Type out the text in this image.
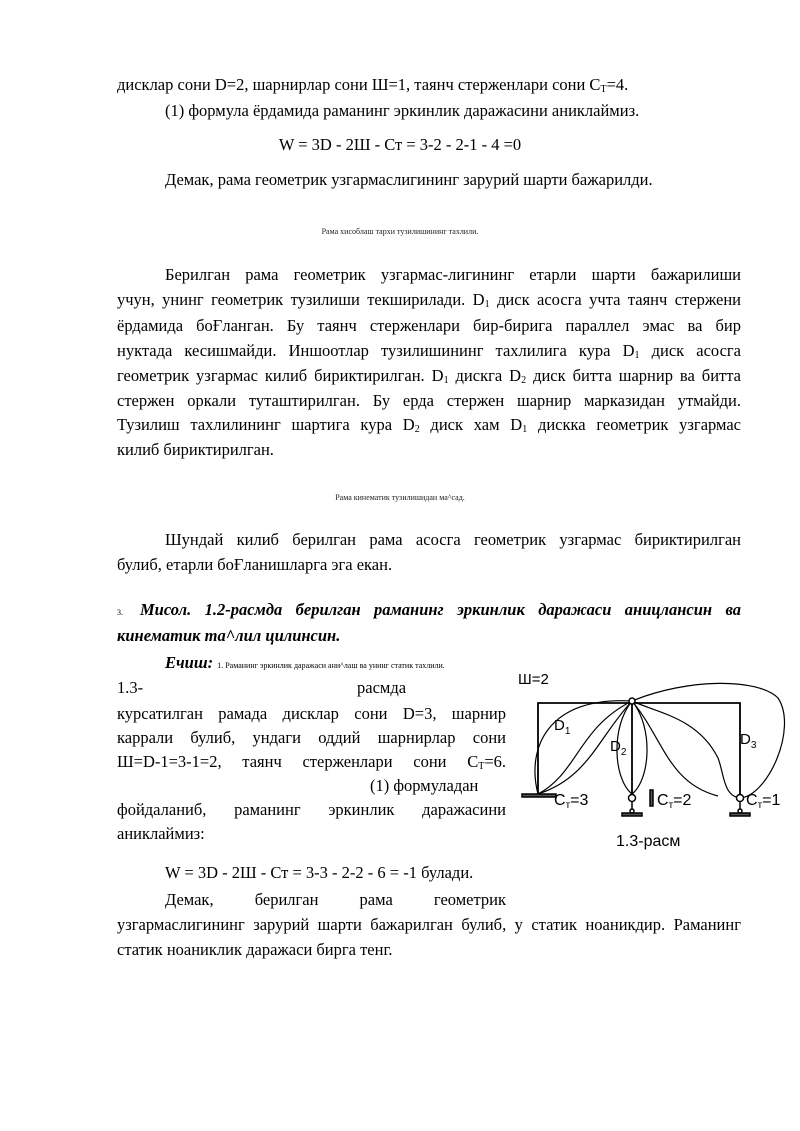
дисклар сони D=2, шарнирлар сони Ш=1, таянч стерженлари сони $С_Т=4$.
(1) формула ёрдамида раманинг эркинлик даражасини аниклаймиз.
W = 3D - 2Ш - Ст = 3-2 - 2-1 - 4 =0
Демак, рама геометрик узгармаслигининг зарурий шарти бажарилди.
Рама хисоблаш тархи тузилишининг тахлили.
Берилган рама геометрик узгармас-лигининг етарли шарти бажарилиши
учун, унинг геометрик тузилиши текширилади. $D_1$ диск асосга учта таянч стержени
ёрдамида боҒланган. Бу таянч стерженлари бир-бирига параллел эмас ва бир
нуктада кесишмайди. Иншоотлар тузилишининг тахлилига кура $D_1$ диск асосга
геометрик узгармас килиб бириктирилган. $D_1$ дискга $D_2$ диск битта шарнир ва битта
стержен оркали туташтирилган. Бу ерда стержен шарнир марказидан утмайди.
Тузилиш тахлилининг шартига кура $D_2$ диск хам $D_1$ дискка геометрик узгармас
килиб бириктирилган.
Рама кинематик тузилишидан ма^сад.
Шундай килиб берилган рама асосга геометрик узгармас бириктирилган
булиб, етарли боҒланишларга эга екан.
3. Мисол. 1.2-расмда берилган раманинг эркинлик даражаси аницлансин ва
кинематик та^лил цилинсин.
Ечиш: 1. Раманинг эркинлик даражаси ани^лаш ва унинг статик тахлили.
1.3-	расмда
курсатилган рамада дисклар сони D=3, шарнир
каррали булиб, ундаги оддий шарнирлар сони
Ш=D-1=3-1=2, таянч стерженлари сони $С_Т=6$.
(1) формуладан
фойдаланиб, раманинг эркинлик даражасини
аниклаймиз:
W = 3D - 2Ш - Ст = 3-3 - 2-2 - 6 = -1 булади.
Демак, берилган рама геометрик
узгармаслигининг зарурий шарти бажарилган булиб, у статик ноаникдир. Раманинг
статик ноаниклик даражаси бирга тенг.
Ш=2
$D_1$
$D_2$
$D_3$
Ст=3	Ст=2	Ст=1
1.3-расм
